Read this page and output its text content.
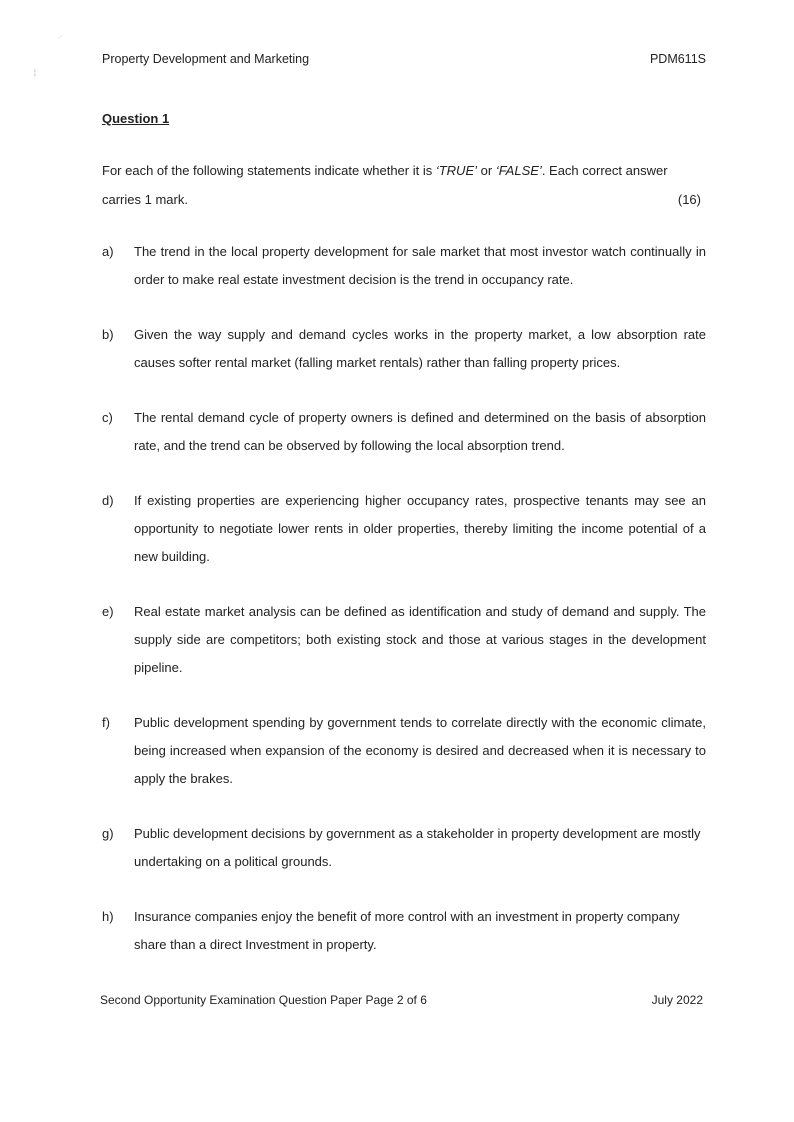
.·
¦
Property Development and Marketing	PDM611S
Question 1
For each of the following statements indicate whether it is ‘TRUE’ or ‘FALSE’. Each correct answer carries 1 mark.	(16)
a) The trend in the local property development for sale market that most investor watch continually in order to make real estate investment decision is the trend in occupancy rate.
b) Given the way supply and demand cycles works in the property market, a low absorption rate causes softer rental market (falling market rentals) rather than falling property prices.
c) The rental demand cycle of property owners is defined and determined on the basis of absorption rate, and the trend can be observed by following the local absorption trend.
d) If existing properties are experiencing higher occupancy rates, prospective tenants may see an opportunity to negotiate lower rents in older properties, thereby limiting the income potential of a new building.
e) Real estate market analysis can be defined as identification and study of demand and supply. The supply side are competitors; both existing stock and those at various stages in the development pipeline.
f) Public development spending by government tends to correlate directly with the economic climate, being increased when expansion of the economy is desired and decreased when it is necessary to apply the brakes.
g) Public development decisions by government as a stakeholder in property development are mostly undertaking on a political grounds.
h) Insurance companies enjoy the benefit of more control with an investment in property company share than a direct Investment in property.
Second Opportunity Examination Question Paper Page 2 of 6	July 2022
